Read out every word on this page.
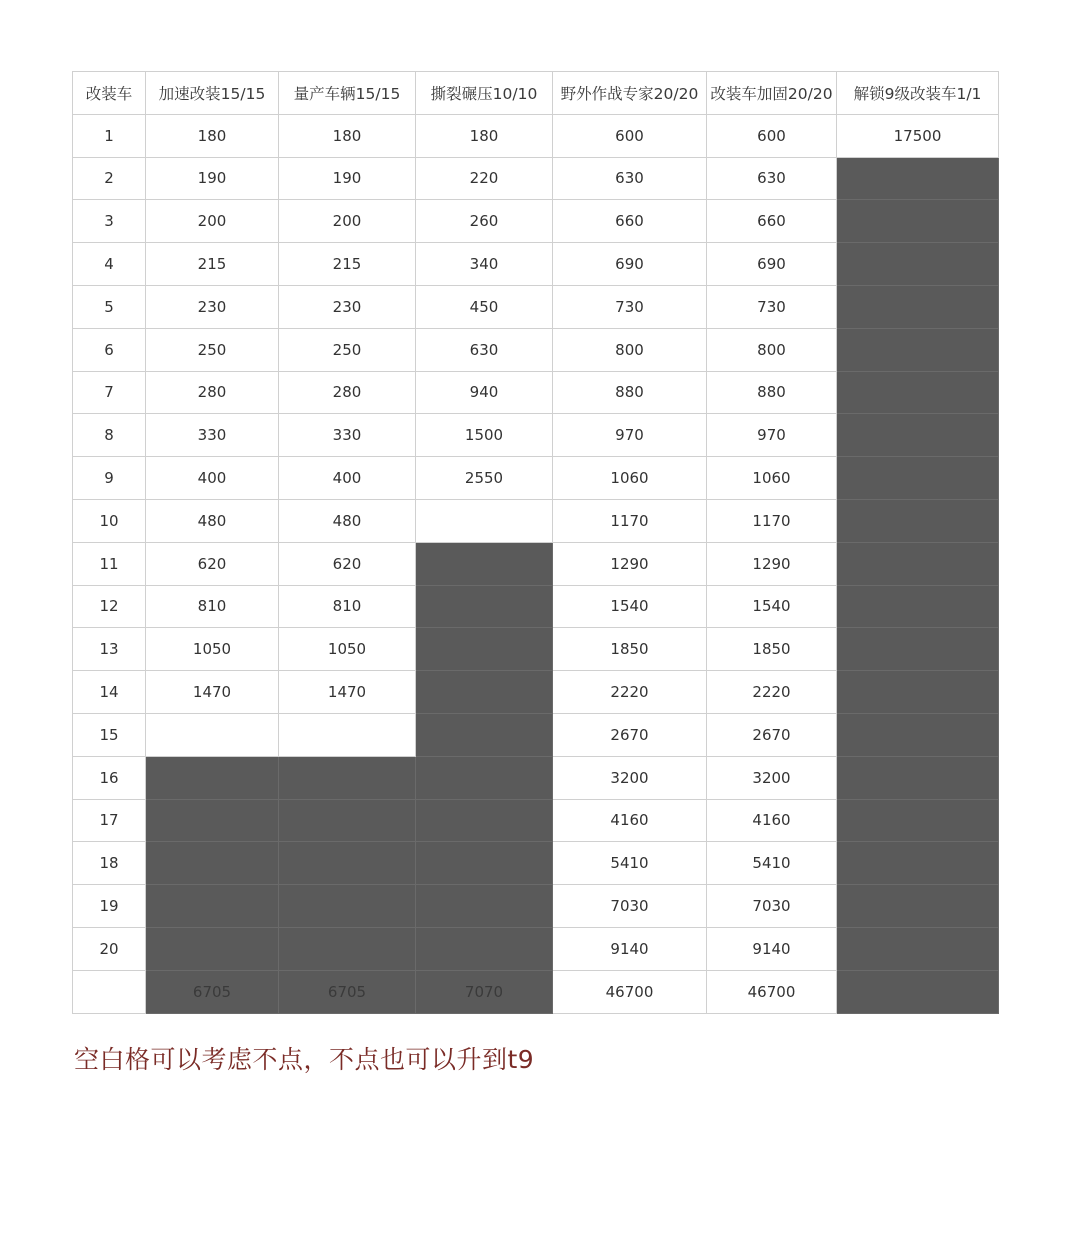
改装车	加速改装15/15	量产车辆15/15	撕裂碾压10/10	野外作战专家20/20	改装车加固20/20	解锁9级改装车1/1
1	180	180	180	600	600	17500
2	190	190	220	630	630	
3	200	200	260	660	660	
4	215	215	340	690	690	
5	230	230	450	730	730	
6	250	250	630	800	800	
7	280	280	940	880	880	
8	330	330	1500	970	970	
9	400	400	2550	1060	1060	
10	480	480		1170	1170	
11	620	620		1290	1290	
12	810	810		1540	1540	
13	1050	1050		1850	1850	
14	1470	1470		2220	2220	
15				2670	2670	
16				3200	3200	
17				4160	4160	
18				5410	5410	
19				7030	7030	
20				9140	9140	
	6705	6705	7070	46700	46700	
空白格可以考虑不点，不点也可以升到t9
